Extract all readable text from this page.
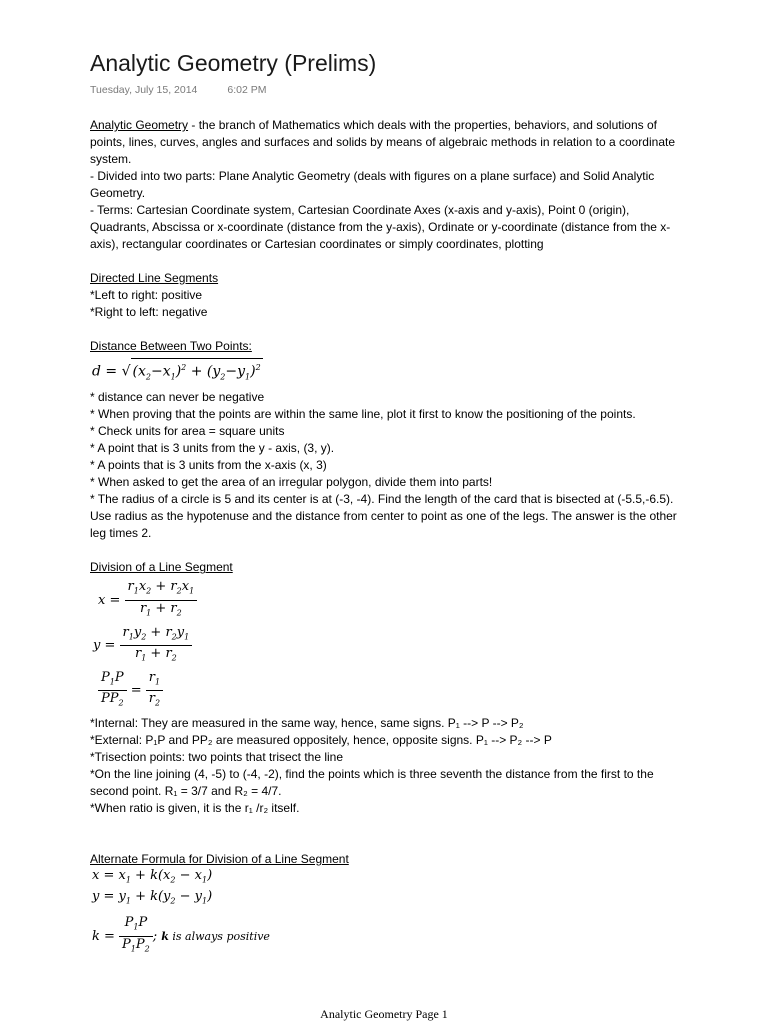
Analytic Geometry (Prelims)
Tuesday, July 15, 2014	6:02 PM

Analytic Geometry - the branch of Mathematics which deals with the properties, behaviors, and solutions of points, lines, curves, angles and surfaces and solids by means of algebraic methods in relation to a coordinate system.

- Divided into two parts: Plane Analytic Geometry (deals with figures on a plane surface) and Solid Analytic Geometry.

- Terms: Cartesian Coordinate system, Cartesian Coordinate Axes (x-axis and y-axis), Point 0 (origin), Quadrants, Abscissa or x-coordinate (distance from the y-axis), Ordinate or y-coordinate (distance from the x-axis), rectangular coordinates or Cartesian coordinates or simply coordinates, plotting

Directed Line Segments

*Left to right: positive

*Right to left: negative

Distance Between Two Points:

d = √ $(x_2-x_1)^2 + (y_2-y_1)^2$

* distance can never be negative

* When proving that the points are within the same line, plot it first to know the positioning of the points.

* Check units for area = square units

* A point that is 3 units from the y - axis, (3, y).

* A points that is 3 units from the x-axis (x, 3)

* When asked to get the area of an irregular polygon, divide them into parts!

* The radius of a circle is 5 and its center is at (-3, -4). Find the length of the card that is bisected at (-5.5,-6.5). Use radius as the hypotenuse and the distance from center to point as one of the legs. The answer is the other leg times 2.

Division of a Line Segment

$x = \frac{r_1x_2 + r_2x_1}{r_1 + r_2}$
$y = \frac{r_1y_2 + r_2y_1}{r_1 + r_2}$
$\frac{P_1P}{PP_2} = \frac{r_1}{r_2}$

*Internal: They are measured in the same way, hence, same signs. P₁ --> P --> P₂

*External: P₁P and PP₂ are measured oppositely, hence, opposite signs. P₁ --> P₂ --> P

*Trisection points: two points that trisect the line

*On the line joining (4, -5) to (-4, -2), find the points which is three seventh the distance from the first to the second point. R₁ = 3/7 and R₂ = 4/7.

*When ratio is given, it is the r₁ /r₂ itself.

Alternate Formula for Division of a Line Segment

$x = x_1 + k(x_2 - x_1)$
$y = y_1 + k(y_2 - y_1)$
$k = \frac{P_1P}{P_1P_2}$ ; k is always positive
Analytic Geometry Page 1
